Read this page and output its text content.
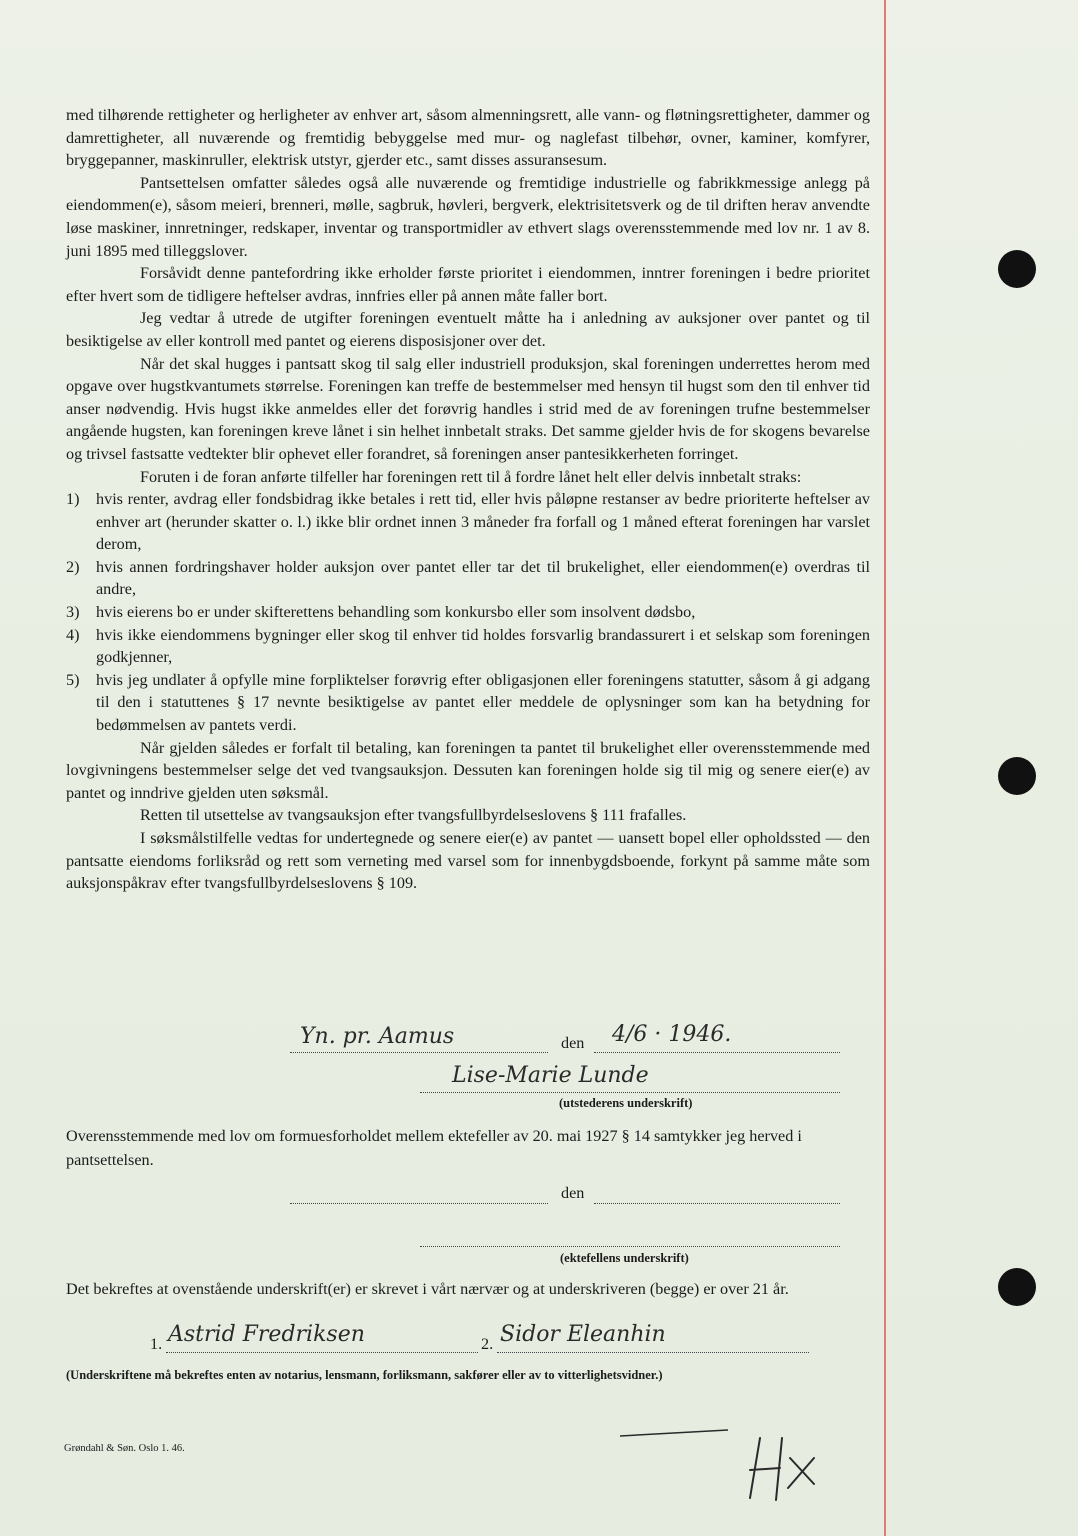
med tilhørende rettigheter og herligheter av enhver art, såsom almenningsrett, alle vann- og fløtningsrettigheter, dammer og damrettigheter, all nuværende og fremtidig bebyggelse med mur- og naglefast tilbehør, ovner, kaminer, komfyrer, bryggepanner, maskinruller, elektrisk utstyr, gjerder etc., samt disses assuransesum.

Pantsettelsen omfatter således også alle nuværende og fremtidige industrielle og fabrikkmessige anlegg på eiendommen(e), såsom meieri, brenneri, mølle, sagbruk, høvleri, bergverk, elektrisitetsverk og de til driften herav anvendte løse maskiner, innretninger, redskaper, inventar og transportmidler av ethvert slags overensstemmende med lov nr. 1 av 8. juni 1895 med tilleggslover.

Forsåvidt denne pantefordring ikke erholder første prioritet i eiendommen, inntrer foreningen i bedre prioritet efter hvert som de tidligere heftelser avdras, innfries eller på annen måte faller bort.

Jeg vedtar å utrede de utgifter foreningen eventuelt måtte ha i anledning av auksjoner over pantet og til besiktigelse av eller kontroll med pantet og eierens disposisjoner over det.

Når det skal hugges i pantsatt skog til salg eller industriell produksjon, skal foreningen underrettes herom med opgave over hugstkvantumets størrelse. Foreningen kan treffe de bestemmelser med hensyn til hugst som den til enhver tid anser nødvendig. Hvis hugst ikke anmeldes eller det forøvrig handles i strid med de av foreningen trufne bestemmelser angående hugsten, kan foreningen kreve lånet i sin helhet innbetalt straks. Det samme gjelder hvis de for skogens bevarelse og trivsel fastsatte vedtekter blir ophevet eller forandret, så foreningen anser pantesikkerheten forringet.

Foruten i de foran anførte tilfeller har foreningen rett til å fordre lånet helt eller delvis innbetalt straks:

1)	hvis renter, avdrag eller fondsbidrag ikke betales i rett tid, eller hvis påløpne restanser av bedre prioriterte heftelser av enhver art (herunder skatter o. l.) ikke blir ordnet innen 3 måneder fra forfall og 1 måned efterat foreningen har varslet derom,
2)	hvis annen fordringshaver holder auksjon over pantet eller tar det til brukelighet, eller eiendommen(e) overdras til andre,
3)	hvis eierens bo er under skifterettens behandling som konkursbo eller som insolvent dødsbo,
4)	hvis ikke eiendommens bygninger eller skog til enhver tid holdes forsvarlig brandassurert i et selskap som foreningen godkjenner,
5)	hvis jeg undlater å opfylle mine forpliktelser forøvrig efter obligasjonen eller foreningens statutter, såsom å gi adgang til den i statuttenes § 17 nevnte besiktigelse av pantet eller meddele de oplysninger som kan ha betydning for bedømmelsen av pantets verdi.

Når gjelden således er forfalt til betaling, kan foreningen ta pantet til brukelighet eller overensstemmende med lovgivningens bestemmelser selge det ved tvangsauksjon. Dessuten kan foreningen holde sig til mig og senere eier(e) av pantet og inndrive gjelden uten søksmål.

Retten til utsettelse av tvangsauksjon efter tvangsfullbyrdelseslovens § 111 frafalles.

I søksmålstilfelle vedtas for undertegnede og senere eier(e) av pantet — uansett bopel eller opholdssted — den pantsatte eiendoms forliksråd og rett som verneting med varsel som for innenbygdsboende, forkynt på samme måte som auksjonspåkrav efter tvangsfullbyrdelseslovens § 109.

Yn. pr. Aamus	den 4/6 · 1946.
Lise-Marie Lunde
(utstederens underskrift)
Overensstemmende med lov om formuesforholdet mellem ektefeller av 20. mai 1927 § 14 samtykker jeg herved i pantsettelsen.
den
(ektefellens underskrift)
Det bekreftes at ovenstående underskrift(er) er skrevet i vårt nærvær og at underskriveren (begge) er over 21 år.
1. Astrid Fredriksen	2. Sidor Eleanhin
(Underskriftene må bekreftes enten av notarius, lensmann, forliksmann, sakfører eller av to vitterlighetsvidner.)
Grøndahl & Søn. Oslo 1. 46.
